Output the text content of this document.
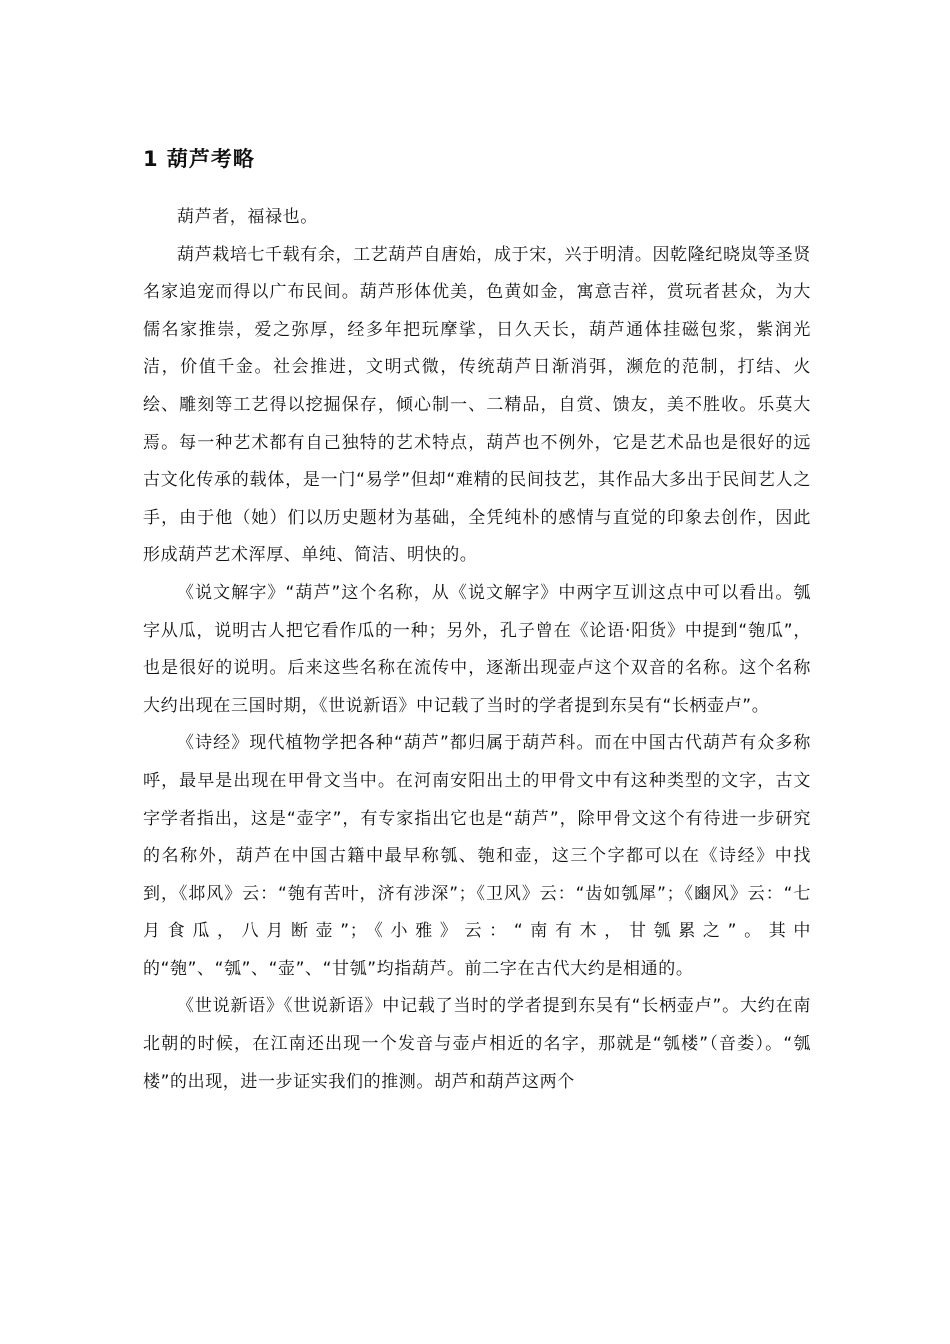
1 葫芦考略

葫芦者，福禄也。

葫芦栽培七千载有余，工艺葫芦自唐始，成于宋，兴于明清。因乾隆纪晓岚等圣贤名家追宠而得以广布民间。葫芦形体优美，色黄如金，寓意吉祥，赏玩者甚众，为大儒名家推崇，爱之弥厚，经多年把玩摩挲，日久天长，葫芦通体挂磁包浆，紫润光洁，价值千金。社会推进，文明式微，传统葫芦日渐消弭，濒危的范制，打结、火绘、雕刻等工艺得以挖掘保存，倾心制一、二精品，自赏、馈友，美不胜收。乐莫大焉。每一种艺术都有自己独特的艺术特点，葫芦也不例外，它是艺术品也是很好的远古文化传承的载体，是一门“易学”但却“难精的民间技艺，其作品大多出于民间艺人之手，由于他（她）们以历史题材为基础，全凭纯朴的感情与直觉的印象去创作，因此形成葫芦艺术浑厚、单纯、简洁、明快的。

《说文解字》“葫芦”这个名称，从《说文解字》中两字互训这点中可以看出。瓠字从瓜，说明古人把它看作瓜的一种；另外，孔子曾在《论语·阳货》中提到“匏瓜”，也是很好的说明。后来这些名称在流传中，逐渐出现壶卢这个双音的名称。这个名称大约出现在三国时期，《世说新语》中记载了当时的学者提到东吴有“长柄壶卢”。

《诗经》现代植物学把各种“葫芦”都归属于葫芦科。而在中国古代葫芦有众多称呼，最早是出现在甲骨文当中。在河南安阳出土的甲骨文中有这种类型的文字，古文字学者指出，这是“壶字”，有专家指出它也是“葫芦”，除甲骨文这个有待进一步研究的名称外，葫芦在中国古籍中最早称瓠、匏和壶，这三个字都可以在《诗经》中找到，《邶风》云：“匏有苦叶，济有涉深”；《卫风》云：“齿如瓠犀”；《豳风》云：“七月食瓜，八月断壶”；《小雅》云：“南有木，甘瓠累之”。其中的“匏”、“瓠”、“壶”、“甘瓠”均指葫芦。前二字在古代大约是相通的。

《世说新语》《世说新语》中记载了当时的学者提到东吴有“长柄壶卢”。大约在南北朝的时候，在江南还出现一个发音与壶卢相近的名字，那就是“瓠楼”（音娄）。“瓠楼”的出现，进一步证实我们的推测。胡芦和葫芦这两个
